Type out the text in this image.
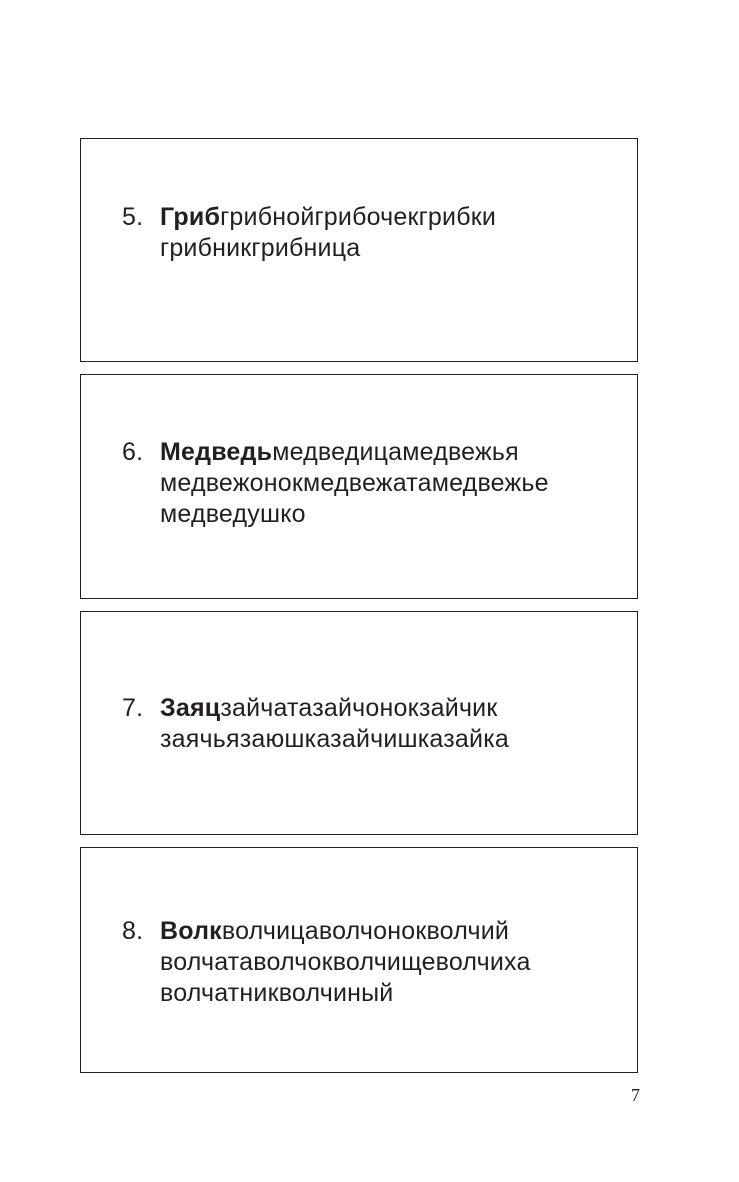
5. Грибгрибнойгрибочекгрибки
грибникгрибница
6. Медведьмедведицамедвежья
медвежонокмедвежатамедвежье
медведушко
7. Заяцзайчатазайчонокзайчик
заячьязаюшказайчишказайка
8. Волкволчицаволчонокволчий
волчатаволчокволчищеволчиха
волчатникволчиный
7
